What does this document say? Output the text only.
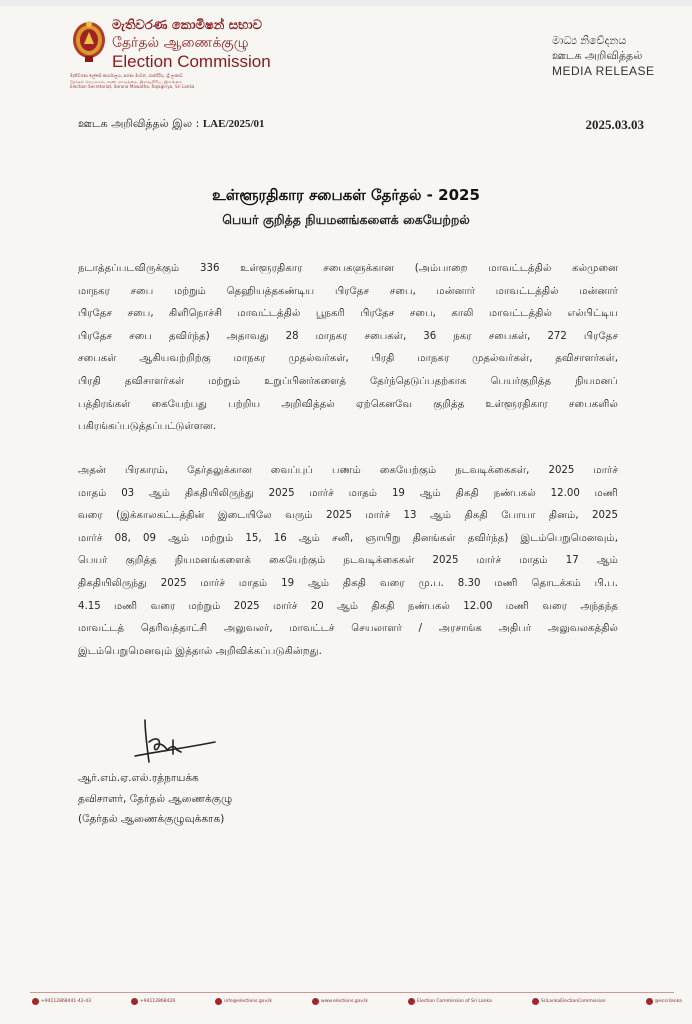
මැතිවරණ කොමිෂන් සභාව
தேர்தல் ஆணைக்குழு
Election Commission
මැතිවරණ ලේකම් කාර්යාලය, සරණ මාවත, රාජගිරිය, ශ්‍රී ලංකාව
தேர்தல் செயலகம், சரண மாவத்தை, இராஜகிரிய, இலங்கை
Election Secretariat, Sarana Mawatha, Rajagiriya, Sri Lanka
මාධ්‍ය නිවේදනය
ஊடக அறிவித்தல்
MEDIA RELEASE
ஊடக அறிவித்தல் இல : LAE/2025/01	2025.03.03
உள்ளூரதிகார சபைகள் தேர்தல் - 2025
பெயர் குறித்த நியமனங்களைக் கையேற்றல்
நடாத்தப்படவிருக்கும் 336 உள்ளூரதிகார சபைகளுக்கான (அம்பாறை மாவட்டத்தில் கல்முனை
மாநகர சபை மற்றும் தெஹியத்தகண்டிய பிரதேச சபை, மன்னார் மாவட்டத்தில் மன்னார்
பிரதேச சபை, கிளிநொச்சி மாவட்டத்தில் பூநகரி பிரதேச சபை, காலி மாவட்டத்தில் எல்பிட்டிய
பிரதேச சபை தவிர்ந்த) அதாவது 28 மாநகர சபைகள், 36 நகர சபைகள், 272 பிரதேச
சபைகள் ஆகியவற்றிற்கு மாநகர முதல்வர்கள், பிரதி மாநகர முதல்வர்கள், தவிசாளர்கள்,
பிரதி தவிசாளர்கள் மற்றும் உறுப்பினர்களைத் தேர்ந்தெடுப்பதற்காக பெயர்குறித்த நியமனப்
பத்திரங்கள் கையேற்பது பற்றிய அறிவித்தல் ஏற்கெனவே குறித்த உள்ளூரதிகார சபைகளில்
பகிரங்கப்படுத்தப்பட்டுள்ளன.
அதன் பிரகாரம், தேர்தலுக்கான வைப்புப் பணம் கையேற்கும் நடவடிக்கைகள், 2025 மார்ச்
மாதம் 03 ஆம் திகதியிலிருந்து 2025 மார்ச் மாதம் 19 ஆம் திகதி நண்பகல் 12.00 மணி
வரை (இக்காலகட்டத்தின் இடையிலே வரும் 2025 மார்ச் 13 ஆம் திகதி போயா தினம், 2025
மார்ச் 08, 09 ஆம் மற்றும் 15, 16 ஆம் சனி, ஞாயிறு தினங்கள் தவிர்ந்த) இடம்பெறுமெனவும்,
பெயர் குறித்த நியமனங்களைக் கையேற்கும் நடவடிக்கைகள் 2025 மார்ச் மாதம் 17 ஆம்
திகதியிலிருந்து 2025 மார்ச் மாதம் 19 ஆம் திகதி வரை மு.ப. 8.30 மணி தொடக்கம் பி.ப.
4.15 மணி வரை மற்றும் 2025 மார்ச் 20 ஆம் திகதி நண்பகல் 12.00 மணி வரை அந்தந்த
மாவட்டத் தெரிவத்தாட்சி அலுவலர், மாவட்டச் செயலாளர் / அரசாங்க அதிபர் அலுவலகத்தில்
இடம்பெறுமெனவும் இத்தால் அறிவிக்கப்படுகின்றது.
ஆர்.எம்.ஏ.எல்.ரத்நாயக்க
தவிசாளர், தேர்தல் ஆணைக்குழு
(தேர்தல் ஆணைக்குழுவுக்காக)
+94112868441-42-43	+94112868426	info@elections.gov.lk	www.elections.gov.lk	Election Commission of Sri Lanka	SriLankaElectionCommission	@ecsrilanka
